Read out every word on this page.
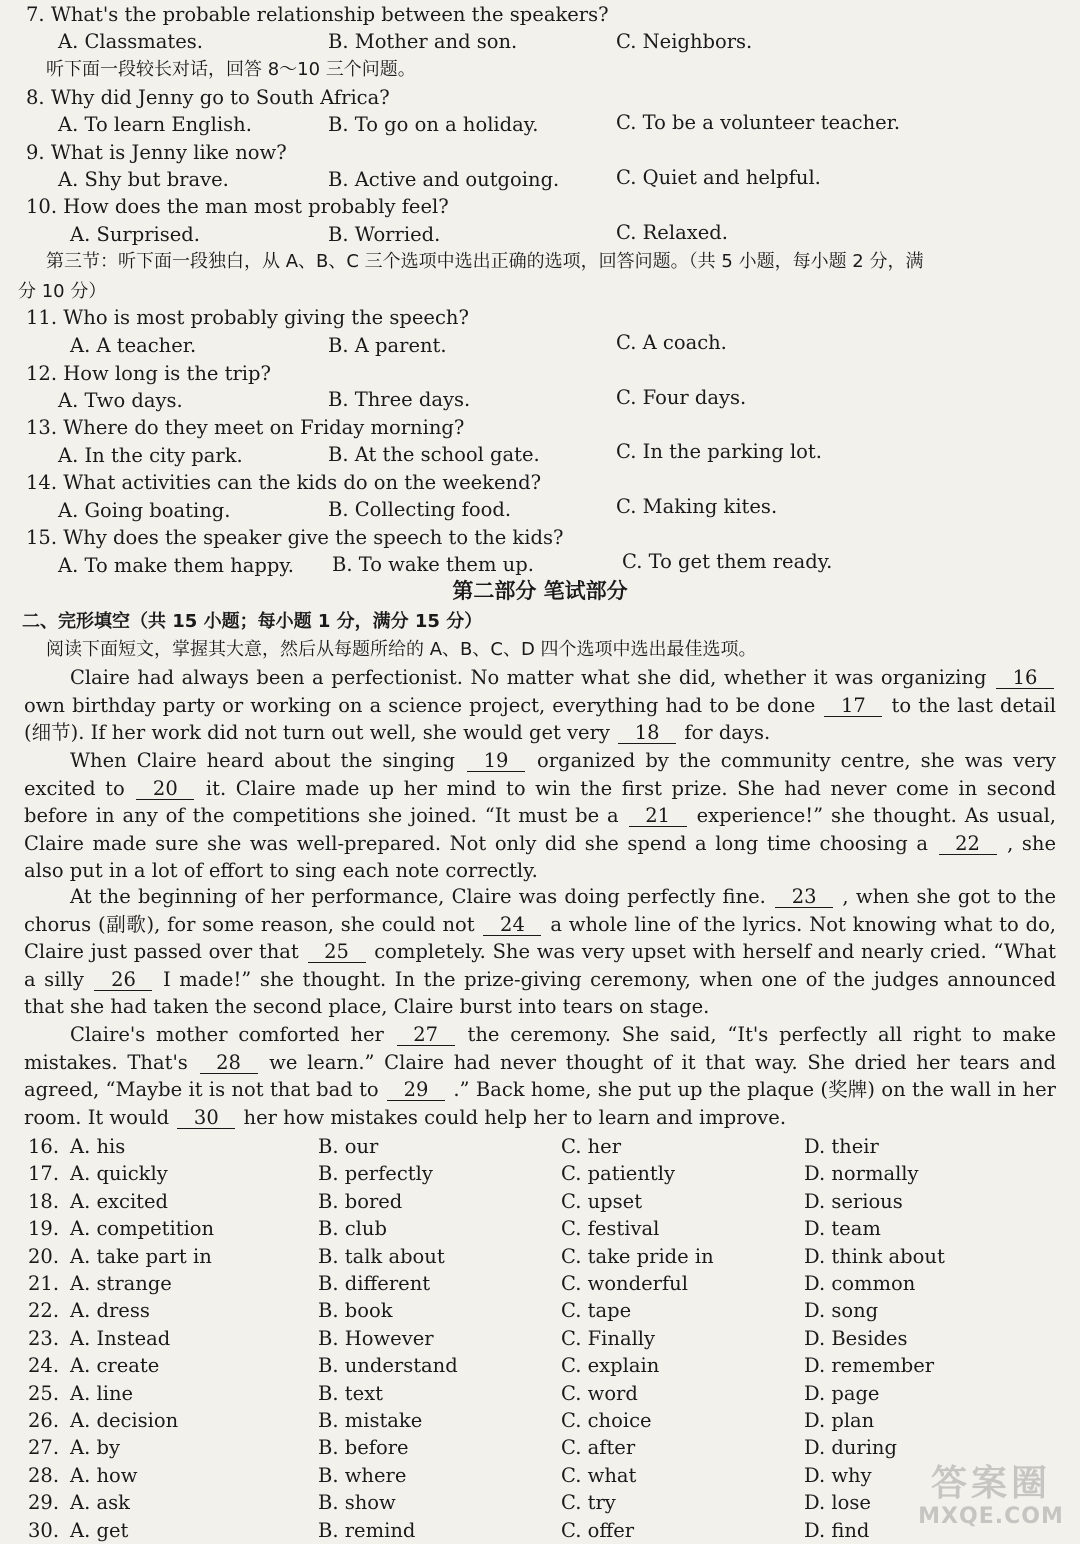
7. What's the probable relationship between the speakers?
A. Classmates.	B. Mother and son.	C. Neighbors.
听下面一段较长对话，回答 8～10 三个问题。
8. Why did Jenny go to South Africa?
A. To learn English.	B. To go on a holiday.	C. To be a volunteer teacher.
9. What is Jenny like now?
A. Shy but brave.	B. Active and outgoing.	C. Quiet and helpful.
10. How does the man most probably feel?
A. Surprised.	B. Worried.	C. Relaxed.
第三节：听下面一段独白，从 A、B、C 三个选项中选出正确的选项，回答问题。（共 5 小题，每小题 2 分，满
分 10 分）
11. Who is most probably giving the speech?
A. A teacher.	B. A parent.	C. A coach.
12. How long is the trip?
A. Two days.	B. Three days.	C. Four days.
13. Where do they meet on Friday morning?
A. In the city park.	B. At the school gate.	C. In the parking lot.
14. What activities can the kids do on the weekend?
A. Going boating.	B. Collecting food.	C. Making kites.
15. Why does the speaker give the speech to the kids?
A. To make them happy. B. To wake them up.	C. To get them ready.
第二部分 笔试部分
二、完形填空（共 15 小题；每小题 1 分，满分 15 分）
阅读下面短文，掌握其大意，然后从每题所给的 A、B、C、D 四个选项中选出最佳选项。
Claire had always been a perfectionist. No matter what she did, whether it was organizing 16 own birthday party or working on a science project, everything had to be done 17 to the last detail (细节). If her work did not turn out well, she would get very 18 for days.
When Claire heard about the singing 19 organized by the community centre, she was very excited to 20 it. Claire made up her mind to win the first prize. She had never come in second before in any of the competitions she joined. “It must be a 21 experience!” she thought. As usual, Claire made sure she was well-prepared. Not only did she spend a long time choosing a 22 , she also put in a lot of effort to sing each note correctly.
At the beginning of her performance, Claire was doing perfectly fine. 23 , when she got to the chorus (副歌), for some reason, she could not 24 a whole line of the lyrics. Not knowing what to do, Claire just passed over that 25 completely. She was very upset with herself and nearly cried. “What a silly 26 I made!” she thought. In the prize-giving ceremony, when one of the judges announced that she had taken the second place, Claire burst into tears on stage.
Claire's mother comforted her 27 the ceremony. She said, “It's perfectly all right to make mistakes. That's 28 we learn.” Claire had never thought of it that way. She dried her tears and agreed, “Maybe it is not that bad to 29 .” Back home, she put up the plaque (奖牌) on the wall in her room. It would 30 her how mistakes could help her to learn and improve.
16. A. his	B. our	C. her	D. their
17. A. quickly	B. perfectly	C. patiently	D. normally
18. A. excited	B. bored	C. upset	D. serious
19. A. competition	B. club	C. festival	D. team
20. A. take part in	B. talk about	C. take pride in	D. think about
21. A. strange	B. different	C. wonderful	D. common
22. A. dress	B. book	C. tape	D. song
23. A. Instead	B. However	C. Finally	D. Besides
24. A. create	B. understand	C. explain	D. remember
25. A. line	B. text	C. word	D. page
26. A. decision	B. mistake	C. choice	D. plan
27. A. by	B. before	C. after	D. during
28. A. how	B. where	C. what	D. why
29. A. ask	B. show	C. try	D. lose
30. A. get	B. remind	C. offer	D. find
答案圈
MXQE.COM
